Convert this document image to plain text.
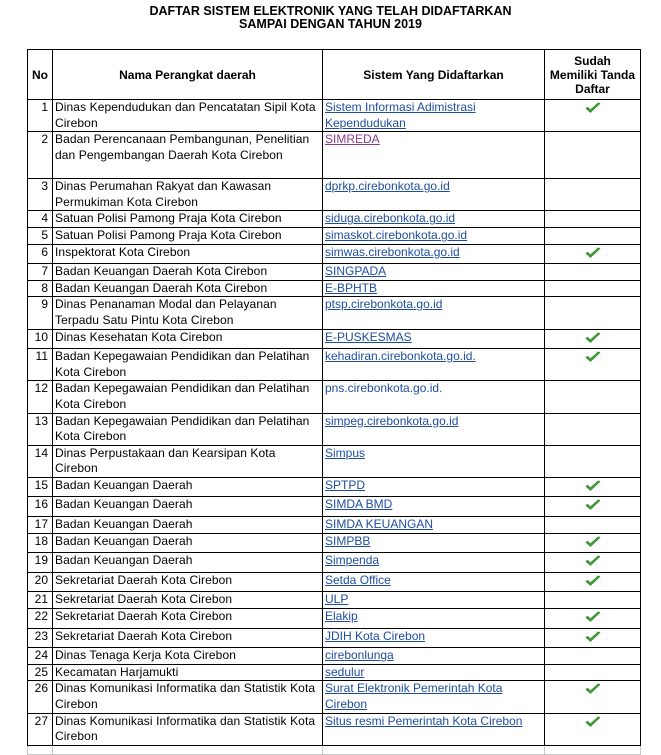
DAFTAR SISTEM ELEKTRONIK YANG TELAH DIDAFTARKAN
SAMPAI DENGAN TAHUN 2019
No	Nama Perangkat daerah	Sistem Yang Didaftarkan	Sudah Memiliki Tanda Daftar
1	Dinas Kependudukan dan Pencatatan Sipil Kota Cirebon	Sistem Informasi Adimistrasi Kependudukan	
2	Badan Perencanaan Pembangunan, Penelitian dan Pengembangan Daerah Kota Cirebon	SIMREDA	
3	Dinas Perumahan Rakyat dan Kawasan Permukiman Kota Cirebon	dprkp.cirebonkota.go.id	
4	Satuan Polisi Pamong Praja Kota Cirebon	siduga.cirebonkota.go.id	
5	Satuan Polisi Pamong Praja Kota Cirebon	simaskot.cirebonkota.go.id	
6	Inspektorat Kota Cirebon	simwas.cirebonkota.go.id	
7	Badan Keuangan Daerah Kota Cirebon	SINGPADA	
8	Badan Keuangan Daerah Kota Cirebon	E-BPHTB	
9	Dinas Penanaman Modal dan Pelayanan Terpadu Satu Pintu Kota Cirebon	ptsp.cirebonkota.go.id	
10	Dinas Kesehatan Kota Cirebon	E-PUSKESMAS	
11	Badan Kepegawaian Pendidikan dan Pelatihan Kota Cirebon	kehadiran.cirebonkota.go.id.	
12	Badan Kepegawaian Pendidikan dan Pelatihan Kota Cirebon	pns.cirebonkota.go.id.	
13	Badan Kepegawaian Pendidikan dan Pelatihan Kota Cirebon	simpeg.cirebonkota.go.id	
14	Dinas Perpustakaan dan Kearsipan Kota Cirebon	Simpus	
15	Badan Keuangan Daerah	SPTPD	
16	Badan Keuangan Daerah	SIMDA BMD	
17	Badan Keuangan Daerah	SIMDA KEUANGAN	
18	Badan Keuangan Daerah	SIMPBB	
19	Badan Keuangan Daerah	Simpenda	
20	Sekretariat Daerah Kota Cirebon	Setda Office	
21	Sekretariat Daerah Kota Cirebon	ULP	
22	Sekretariat Daerah Kota Cirebon	Elakip	
23	Sekretariat Daerah Kota Cirebon	JDIH Kota Cirebon	
24	Dinas Tenaga Kerja Kota Cirebon	cirebonlunga	
25	Kecamatan Harjamukti	sedulur	
26	Dinas Komunikasi Informatika dan Statistik Kota Cirebon	Surat Elektronik Pemerintah Kota Cirebon	
27	Dinas Komunikasi Informatika dan Statistik Kota Cirebon	Situs resmi Pemerintah Kota Cirebon	
